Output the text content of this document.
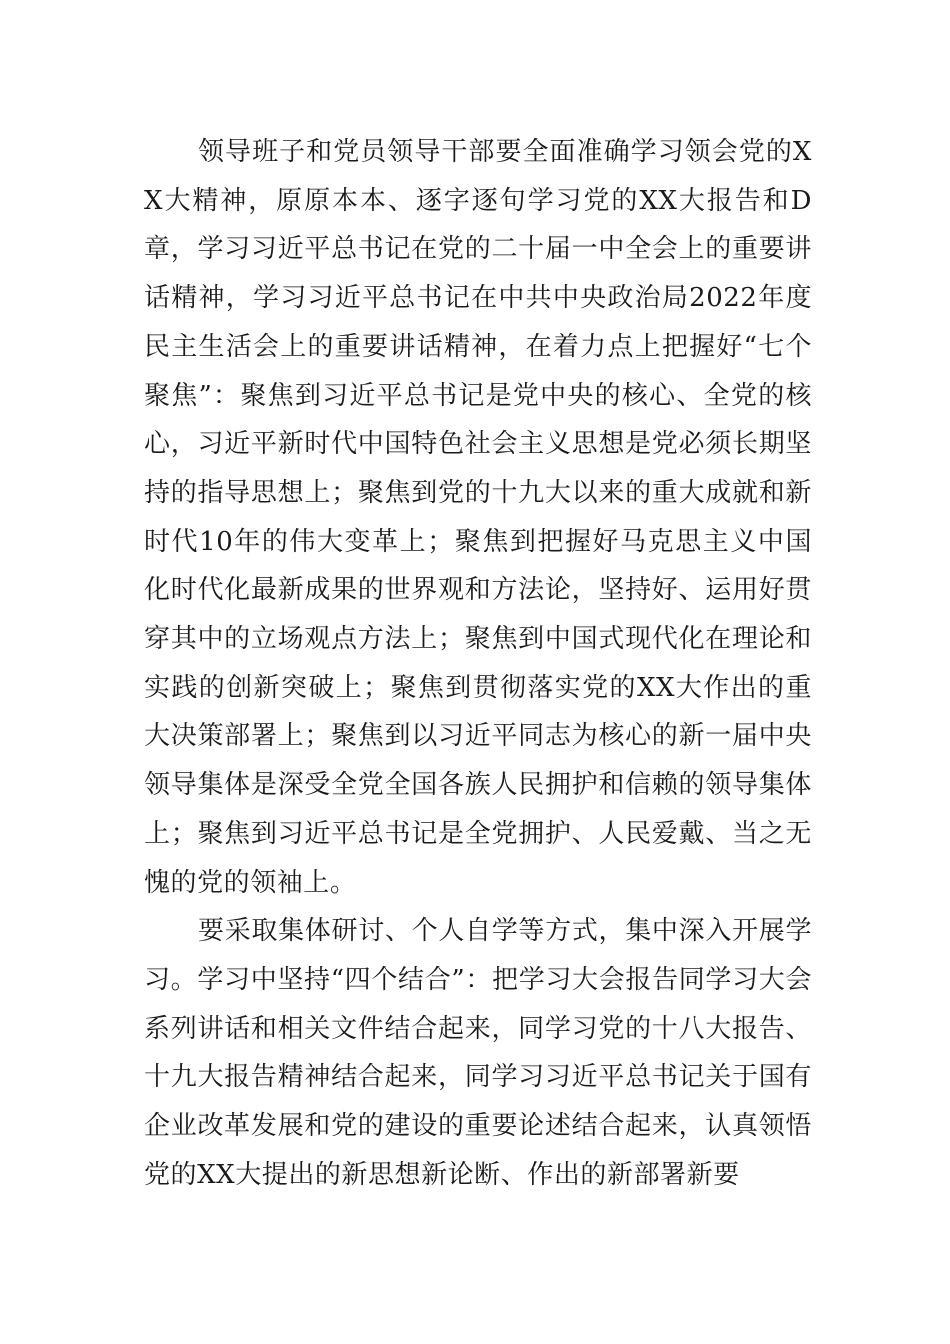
领导班子和党员领导干部要全面准确学习领会党的XX大精神，原原本本、逐字逐句学习党的XX大报告和D章，学习习近平总书记在党的二十届一中全会上的重要讲话精神，学习习近平总书记在中共中央政治局2022年度民主生活会上的重要讲话精神，在着力点上把握好“七个聚焦”：聚焦到习近平总书记是党中央的核心、全党的核心，习近平新时代中国特色社会主义思想是党必须长期坚持的指导思想上；聚焦到党的十九大以来的重大成就和新时代10年的伟大变革上；聚焦到把握好马克思主义中国化时代化最新成果的世界观和方法论，坚持好、运用好贯穿其中的立场观点方法上；聚焦到中国式现代化在理论和实践的创新突破上；聚焦到贯彻落实党的XX大作出的重大决策部署上；聚焦到以习近平同志为核心的新一届中央领导集体是深受全党全国各族人民拥护和信赖的领导集体上；聚焦到习近平总书记是全党拥护、人民爱戴、当之无愧的党的领袖上。

要采取集体研讨、个人自学等方式，集中深入开展学习。学习中坚持“四个结合”：把学习大会报告同学习大会系列讲话和相关文件结合起来，同学习党的十八大报告、十九大报告精神结合起来，同学习习近平总书记关于国有企业改革发展和党的建设的重要论述结合起来，认真领悟党的XX大提出的新思想新论断、作出的新部署新要
